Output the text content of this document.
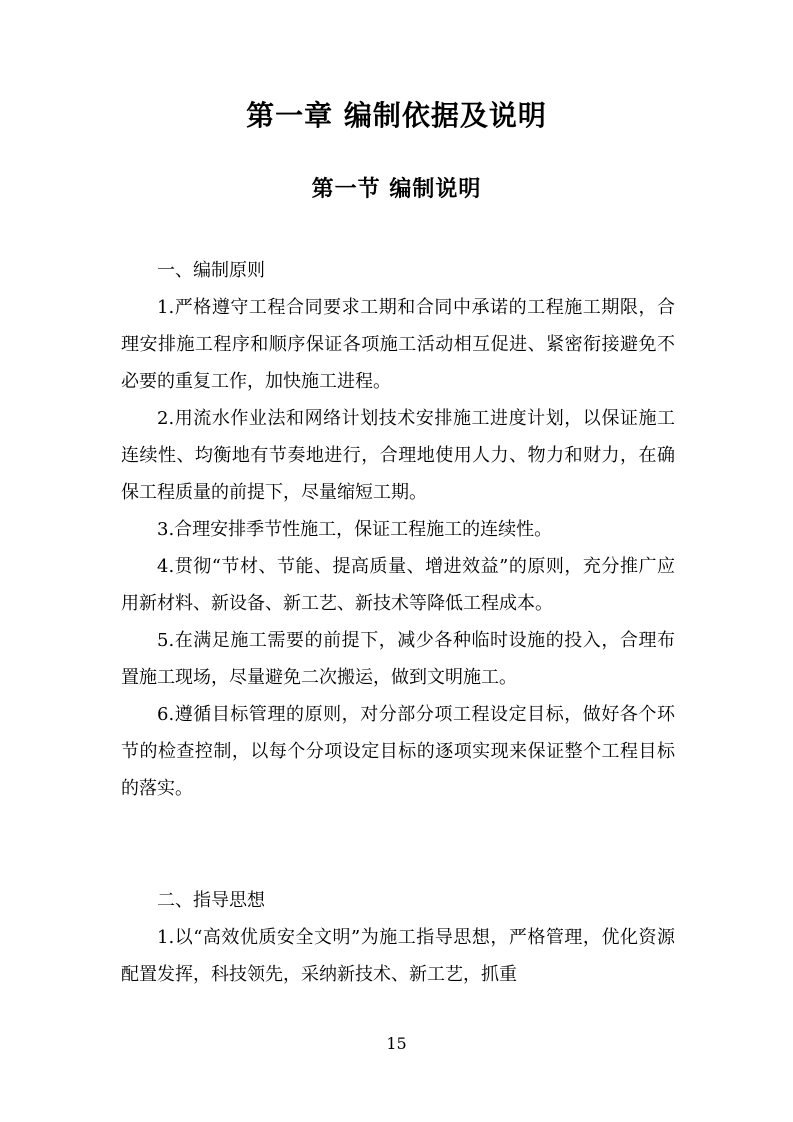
第一章 编制依据及说明
第一节 编制说明

一、编制原则

1.严格遵守工程合同要求工期和合同中承诺的工程施工期限，合理安排施工程序和顺序保证各项施工活动相互促进、紧密衔接避免不必要的重复工作，加快施工进程。

2.用流水作业法和网络计划技术安排施工进度计划，以保证施工连续性、均衡地有节奏地进行，合理地使用人力、物力和财力，在确保工程质量的前提下，尽量缩短工期。

3.合理安排季节性施工，保证工程施工的连续性。

4.贯彻“节材、节能、提高质量、增进效益”的原则，充分推广应用新材料、新设备、新工艺、新技术等降低工程成本。

5.在满足施工需要的前提下，减少各种临时设施的投入，合理布置施工现场，尽量避免二次搬运，做到文明施工。

6.遵循目标管理的原则，对分部分项工程设定目标，做好各个环节的检查控制，以每个分项设定目标的逐项实现来保证整个工程目标的落实。

二、指导思想

1.以“高效优质安全文明”为施工指导思想，严格管理，优化资源配置发挥，科技领先，采纳新技术、新工艺，抓重

15
